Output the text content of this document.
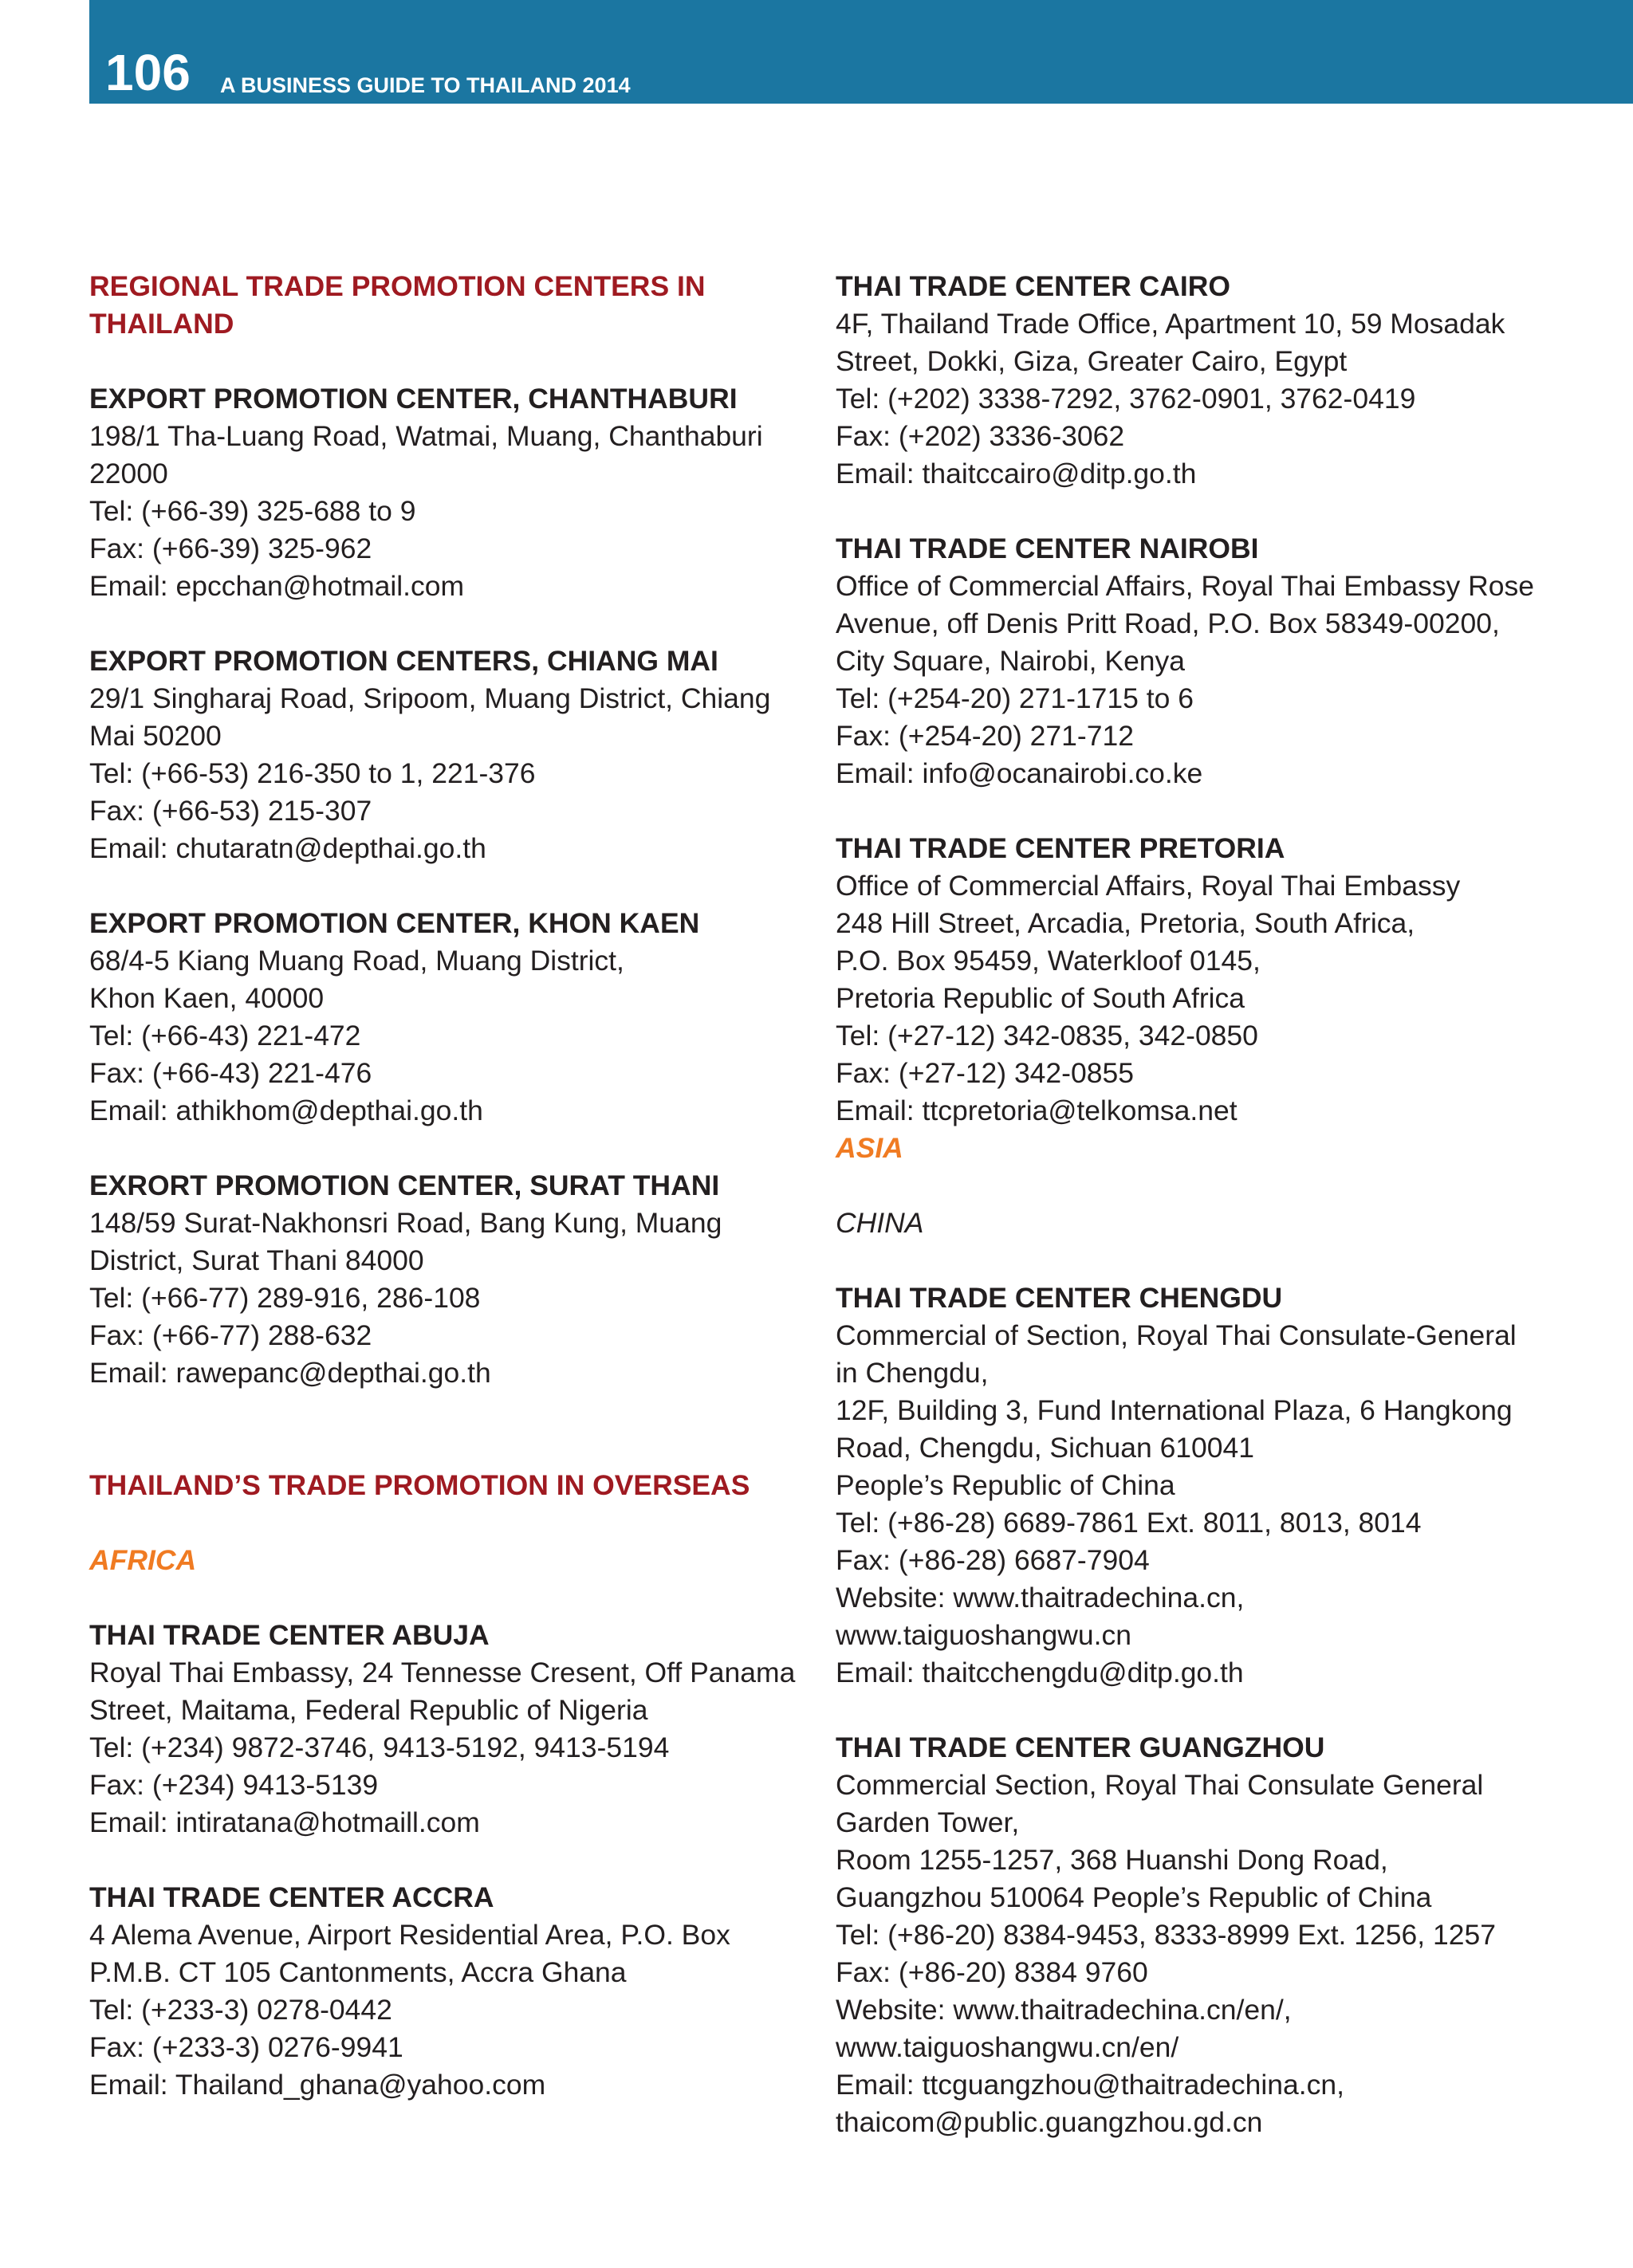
106 A BUSINESS GUIDE TO THAILAND 2014
REGIONAL TRADE PROMOTION CENTERS IN
THAILAND
EXPORT PROMOTION CENTER, CHANTHABURI
198/1 Tha-Luang Road, Watmai, Muang, Chanthaburi
22000
Tel: (+66-39) 325-688 to 9
Fax: (+66-39) 325-962
Email: epcchan@hotmail.com
EXPORT PROMOTION CENTERS, CHIANG MAI
29/1 Singharaj Road, Sripoom, Muang District, Chiang
Mai 50200
Tel: (+66-53) 216-350 to 1, 221-376
Fax: (+66-53) 215-307
Email: chutaratn@depthai.go.th
EXPORT PROMOTION CENTER, KHON KAEN
68/4-5 Kiang Muang Road, Muang District,
Khon Kaen, 40000
Tel: (+66-43) 221-472
Fax: (+66-43) 221-476
Email: athikhom@depthai.go.th
EXRORT PROMOTION CENTER, SURAT THANI
148/59 Surat-Nakhonsri Road, Bang Kung, Muang
District, Surat Thani 84000
Tel: (+66-77) 289-916, 286-108
Fax: (+66-77) 288-632
Email: rawepanc@depthai.go.th
THAILAND’S TRADE PROMOTION IN OVERSEAS
AFRICA
THAI TRADE CENTER ABUJA
Royal Thai Embassy, 24 Tennesse Cresent, Off Panama
Street, Maitama, Federal Republic of Nigeria
Tel: (+234) 9872-3746, 9413-5192, 9413-5194
Fax: (+234) 9413-5139
Email: intiratana@hotmaill.com
THAI TRADE CENTER ACCRA
4 Alema Avenue, Airport Residential Area, P.O. Box
P.M.B. CT 105 Cantonments, Accra Ghana
Tel: (+233-3) 0278-0442
Fax: (+233-3) 0276-9941
Email: Thailand_ghana@yahoo.com
THAI TRADE CENTER CAIRO
4F, Thailand Trade Office, Apartment 10, 59 Mosadak
Street, Dokki, Giza, Greater Cairo, Egypt
Tel: (+202) 3338-7292, 3762-0901, 3762-0419
Fax: (+202) 3336-3062
Email: thaitccairo@ditp.go.th
THAI TRADE CENTER NAIROBI
Office of Commercial Affairs, Royal Thai Embassy Rose
Avenue, off Denis Pritt Road, P.O. Box 58349-00200,
City Square, Nairobi, Kenya
Tel: (+254-20) 271-1715 to 6
Fax: (+254-20) 271-712
Email: info@ocanairobi.co.ke
THAI TRADE CENTER PRETORIA
Office of Commercial Affairs, Royal Thai Embassy
248 Hill Street, Arcadia, Pretoria, South Africa,
P.O. Box 95459, Waterkloof 0145,
Pretoria Republic of South Africa
Tel: (+27-12) 342-0835, 342-0850
Fax: (+27-12) 342-0855
Email: ttcpretoria@telkomsa.net
ASIA
CHINA
THAI TRADE CENTER CHENGDU
Commercial of Section, Royal Thai Consulate-General
in Chengdu,
12F, Building 3, Fund International Plaza, 6 Hangkong
Road, Chengdu, Sichuan 610041
People’s Republic of China
Tel: (+86-28) 6689-7861 Ext. 8011, 8013, 8014
Fax: (+86-28) 6687-7904
Website: www.thaitradechina.cn,
www.taiguoshangwu.cn
Email: thaitcchengdu@ditp.go.th
THAI TRADE CENTER GUANGZHOU
Commercial Section, Royal Thai Consulate General
Garden Tower,
Room 1255-1257, 368 Huanshi Dong Road,
Guangzhou 510064 People’s Republic of China
Tel: (+86-20) 8384-9453, 8333-8999 Ext. 1256, 1257
Fax: (+86-20) 8384 9760
Website: www.thaitradechina.cn/en/,
www.taiguoshangwu.cn/en/
Email: ttcguangzhou@thaitradechina.cn,
thaicom@public.guangzhou.gd.cn
